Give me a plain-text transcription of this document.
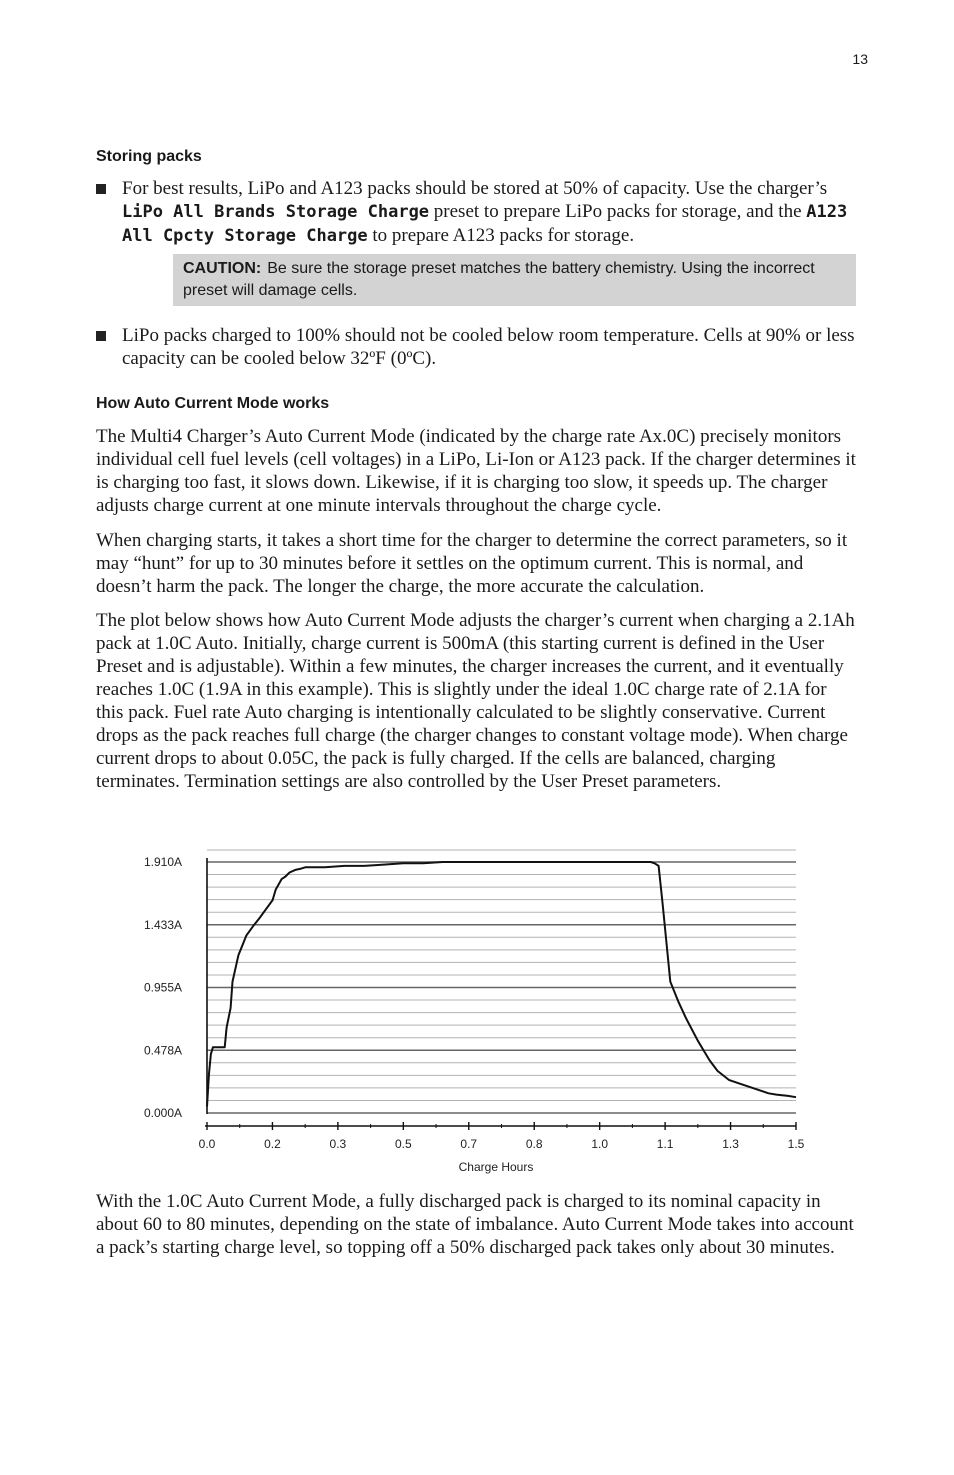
13
Storing packs
For best results, LiPo and A123 packs should be stored at 50% of capacity. Use the charger’s LiPo All Brands Storage Charge preset to prepare LiPo packs for storage, and the A123 All Cpcty Storage Charge to prepare A123 packs for storage.
CAUTION: Be sure the storage preset matches the battery chemistry. Using the incorrect preset will damage cells.
LiPo packs charged to 100% should not be cooled below room temperature. Cells at 90% or less capacity can be cooled below 32ºF (0ºC).
How Auto Current Mode works

The Multi4 Charger’s Auto Current Mode (indicated by the charge rate Ax.0C) precisely monitors individual cell fuel levels (cell voltages) in a LiPo, Li-Ion or A123 pack. If the charger determines it is charging too fast, it slows down. Likewise, if it is charging too slow, it speeds up. The charger adjusts charge current at one minute intervals throughout the charge cycle.

When charging starts, it takes a short time for the charger to determine the correct parameters, so it may “hunt” for up to 30 minutes before it settles on the optimum current. This is normal, and doesn’t harm the pack. The longer the charge, the more accurate the calculation.

The plot below shows how Auto Current Mode adjusts the charger’s current when charging a 2.1Ah pack at 1.0C Auto. Initially, charge current is 500mA (this starting current is defined in the User Preset and is adjustable). Within a few minutes, the charger increases the current, and it eventually reaches 1.0C (1.9A in this example). This is slightly under the ideal 1.0C charge rate of 2.1A for this pack. Fuel rate Auto charging is intentionally calculated to be slightly conservative. Current drops as the pack reaches full charge (the charger changes to constant voltage mode). When charge current drops to about 0.05C, the pack is fully charged. If the cells are balanced, charging terminates. Termination settings are also controlled by the User Preset parameters.

0.000A
0.478A
0.955A
1.433A
1.910A
0.0	0.2	0.3	0.5	0.7	0.8	1.0	1.1	1.3	1.5
Charge Hours

With the 1.0C Auto Current Mode, a fully discharged pack is charged to its nominal capacity in about 60 to 80 minutes, depending on the state of imbalance. Auto Current Mode takes into account a pack’s starting charge level, so topping off a 50% discharged pack takes only about 30 minutes.
